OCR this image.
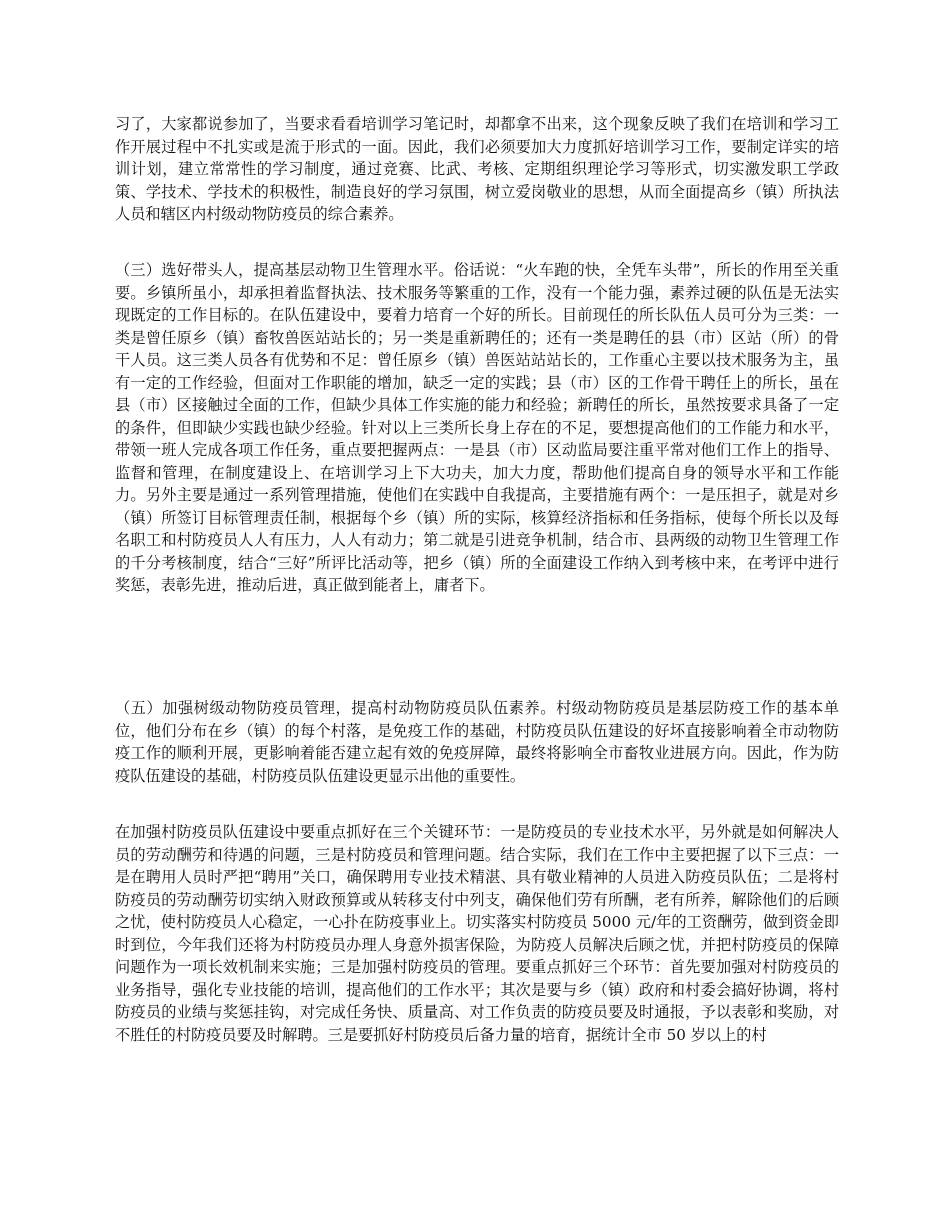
习了，大家都说参加了，当要求看看培训学习笔记时，却都拿不出来，这个现象反映了我们在培训和学习工作开展过程中不扎实或是流于形式的一面。因此，我们必须要加大力度抓好培训学习工作，要制定详实的培训计划，建立常常性的学习制度，通过竞赛、比武、考核、定期组织理论学习等形式，切实激发职工学政策、学技术、学技术的积极性，制造良好的学习氛围，树立爱岗敬业的思想，从而全面提高乡（镇）所执法人员和辖区内村级动物防疫员的综合素养。

（三）选好带头人，提高基层动物卫生管理水平。俗话说：“火车跑的快，全凭车头带”，所长的作用至关重要。乡镇所虽小，却承担着监督执法、技术服务等繁重的工作，没有一个能力强，素养过硬的队伍是无法实现既定的工作目标的。在队伍建设中，要着力培育一个好的所长。目前现任的所长队伍人员可分为三类：一类是曾任原乡（镇）畜牧兽医站站长的；另一类是重新聘任的；还有一类是聘任的县（市）区站（所）的骨干人员。这三类人员各有优势和不足：曾任原乡（镇）兽医站站站长的，工作重心主要以技术服务为主，虽有一定的工作经验，但面对工作职能的增加，缺乏一定的实践；县（市）区的工作骨干聘任上的所长，虽在县（市）区接触过全面的工作，但缺少具体工作实施的能力和经验；新聘任的所长，虽然按要求具备了一定的条件，但即缺少实践也缺少经验。针对以上三类所长身上存在的不足，要想提高他们的工作能力和水平，带领一班人完成各项工作任务，重点要把握两点：一是县（市）区动监局要注重平常对他们工作上的指导、监督和管理，在制度建设上、在培训学习上下大功夫，加大力度，帮助他们提高自身的领导水平和工作能力。另外主要是通过一系列管理措施，使他们在实践中自我提高，主要措施有两个：一是压担子，就是对乡（镇）所签订目标管理责任制，根据每个乡（镇）所的实际，核算经济指标和任务指标，使每个所长以及每名职工和村防疫员人人有压力，人人有动力；第二就是引进竞争机制，结合市、县两级的动物卫生管理工作的千分考核制度，结合“三好”所评比活动等，把乡（镇）所的全面建设工作纳入到考核中来，在考评中进行奖惩，表彰先进，推动后进，真正做到能者上，庸者下。

（五）加强树级动物防疫员管理，提高村动物防疫员队伍素养。村级动物防疫员是基层防疫工作的基本单位，他们分布在乡（镇）的每个村落，是免疫工作的基础，村防疫员队伍建设的好坏直接影响着全市动物防疫工作的顺利开展，更影响着能否建立起有效的免疫屏障，最终将影响全市畜牧业进展方向。因此，作为防疫队伍建设的基础，村防疫员队伍建设更显示出他的重要性。

在加强村防疫员队伍建设中要重点抓好在三个关键环节：一是防疫员的专业技术水平，另外就是如何解决人员的劳动酬劳和待遇的问题，三是村防疫员和管理问题。结合实际，我们在工作中主要把握了以下三点：一是在聘用人员时严把“聘用”关口，确保聘用专业技术精湛、具有敬业精神的人员进入防疫员队伍；二是将村防疫员的劳动酬劳切实纳入财政预算或从转移支付中列支，确保他们劳有所酬，老有所养，解除他们的后顾之忧，使村防疫员人心稳定，一心扑在防疫事业上。切实落实村防疫员 5000 元/年的工资酬劳，做到资金即时到位，今年我们还将为村防疫员办理人身意外损害保险，为防疫人员解决后顾之忧，并把村防疫员的保障问题作为一项长效机制来实施；三是加强村防疫员的管理。要重点抓好三个环节：首先要加强对村防疫员的业务指导，强化专业技能的培训，提高他们的工作水平；其次是要与乡（镇）政府和村委会搞好协调，将村防疫员的业绩与奖惩挂钩，对完成任务快、质量高、对工作负责的防疫员要及时通报，予以表彰和奖励，对不胜任的村防疫员要及时解聘。三是要抓好村防疫员后备力量的培育，据统计全市 50 岁以上的村
